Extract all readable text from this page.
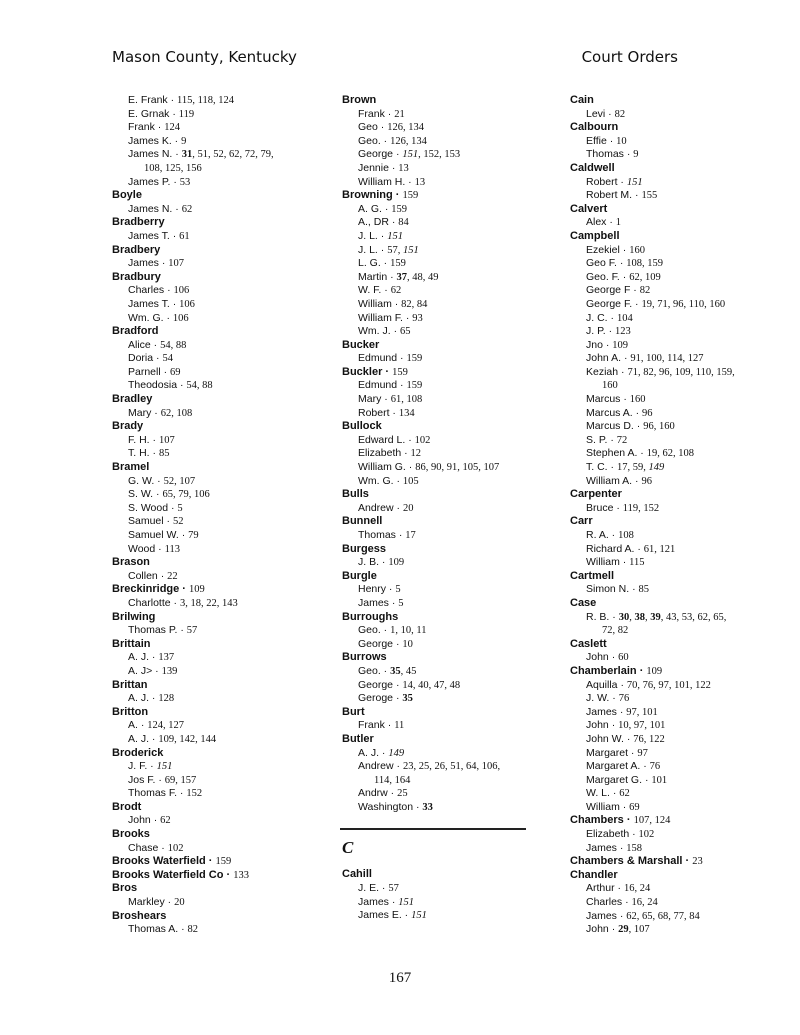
Mason County, Kentucky	Court Orders
E. Frank · 115, 118, 124
E. Grnak · 119
Frank · 124
James K. · 9
James N. · 31, 51, 52, 62, 72, 79,
108, 125, 156
James P. · 53
Boyle
James N. · 62
Bradberry
James T. · 61
Bradbery
James · 107
Bradbury
Charles · 106
James T. · 106
Wm. G. · 106
Bradford
Alice · 54, 88
Doria · 54
Parnell · 69
Theodosia · 54, 88
Bradley
Mary · 62, 108
Brady
F. H. · 107
T. H. · 85
Bramel
G. W. · 52, 107
S. W. · 65, 79, 106
S. Wood · 5
Samuel · 52
Samuel W. · 79
Wood · 113
Brason
Collen · 22
Breckinridge · 109
Charlotte · 3, 18, 22, 143
Brilwing
Thomas P. · 57
Brittain
A. J. · 137
A. J> · 139
Brittan
A. J. · 128
Britton
A. · 124, 127
A. J. · 109, 142, 144
Broderick
J. F. · 151
Jos F. · 69, 157
Thomas F. · 152
Brodt
John · 62
Brooks
Chase · 102
Brooks Waterfield · 159
Brooks Waterfield Co · 133
Bros
Markley · 20
Broshears
Thomas A. · 82
Brown
Frank · 21
Geo · 126, 134
Geo. · 126, 134
George · 151, 152, 153
Jennie · 13
William H. · 13
Browning · 159
A. G. · 159
A., DR · 84
J. L. · 151
J. L. · 57, 151
L. G. · 159
Martin · 37, 48, 49
W. F. · 62
William · 82, 84
William F. · 93
Wm. J. · 65
Bucker
Edmund · 159
Buckler · 159
Edmund · 159
Mary · 61, 108
Robert · 134
Bullock
Edward L. · 102
Elizabeth · 12
William G. · 86, 90, 91, 105, 107
Wm. G. · 105
Bulls
Andrew · 20
Bunnell
Thomas · 17
Burgess
J. B. · 109
Burgle
Henry · 5
James · 5
Burroughs
Geo. · 1, 10, 11
George · 10
Burrows
Geo. · 35, 45
George · 14, 40, 47, 48
Geroge · 35
Burt
Frank · 11
Butler
A. J. · 149
Andrew · 23, 25, 26, 51, 64, 106,
114, 164
Andrw · 25
Washington · 33
C
Cahill
J. E. · 57
James · 151
James E. · 151
Cain
Levi · 82
Calbourn
Effie · 10
Thomas · 9
Caldwell
Robert · 151
Robert M. · 155
Calvert
Alex · 1
Campbell
Ezekiel · 160
Geo F. · 108, 159
Geo. F. · 62, 109
George F · 82
George F. · 19, 71, 96, 110, 160
J. C. · 104
J. P. · 123
Jno · 109
John A. · 91, 100, 114, 127
Keziah · 71, 82, 96, 109, 110, 159,
160
Marcus · 160
Marcus A. · 96
Marcus D. · 96, 160
S. P. · 72
Stephen A. · 19, 62, 108
T. C. · 17, 59, 149
William A. · 96
Carpenter
Bruce · 119, 152
Carr
R. A. · 108
Richard A. · 61, 121
William · 115
Cartmell
Simon N. · 85
Case
R. B. · 30, 38, 39, 43, 53, 62, 65,
72, 82
Caslett
John · 60
Chamberlain · 109
Aquilla · 70, 76, 97, 101, 122
J. W. · 76
James · 97, 101
John · 10, 97, 101
John W. · 76, 122
Margaret · 97
Margaret A. · 76
Margaret G. · 101
W. L. · 62
William · 69
Chambers · 107, 124
Elizabeth · 102
James · 158
Chambers & Marshall · 23
Chandler
Arthur · 16, 24
Charles · 16, 24
James · 62, 65, 68, 77, 84
John · 29, 107
167
